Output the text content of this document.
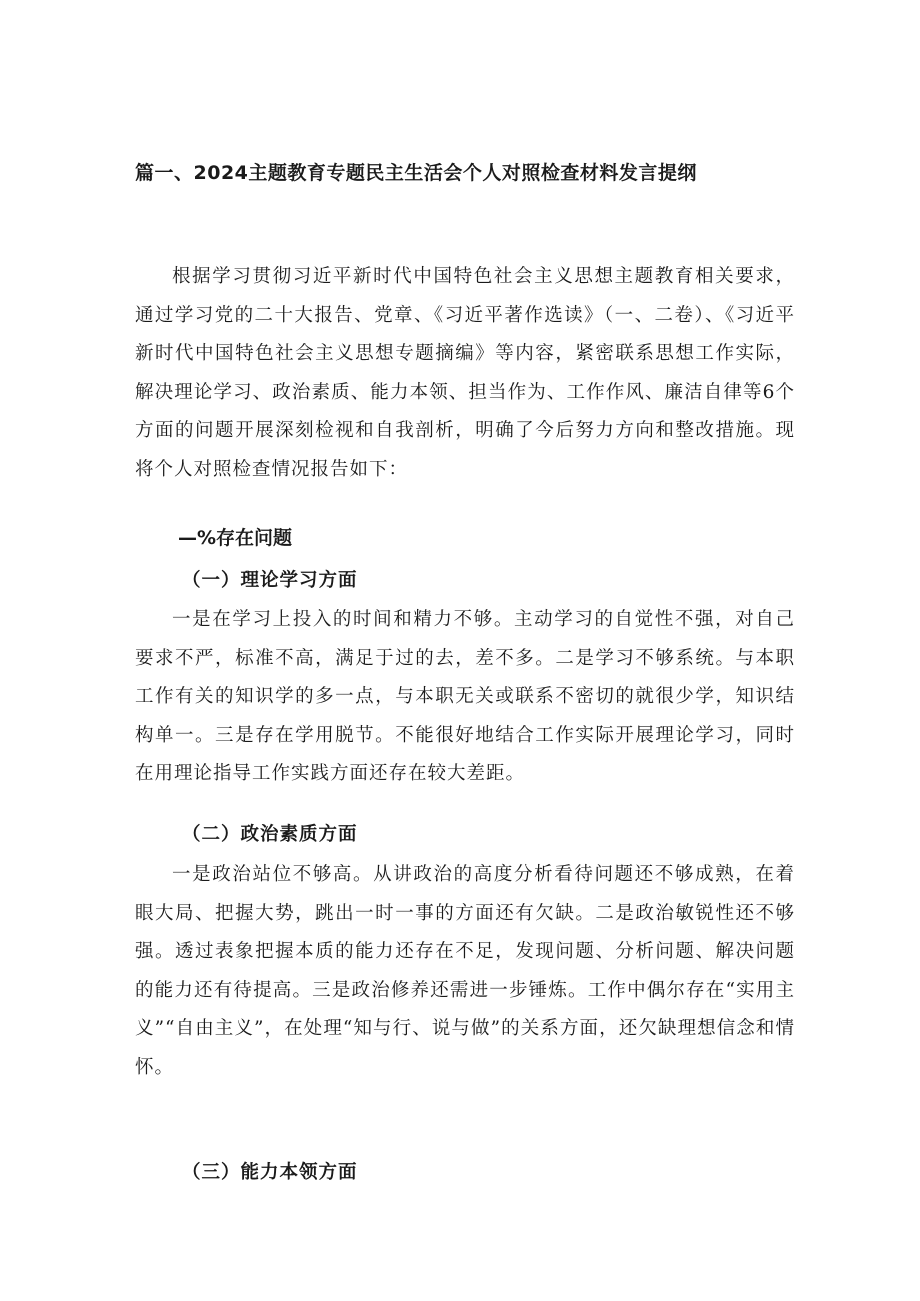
篇一、2024主题教育专题民主生活会个人对照检查材料发言提纲

根据学习贯彻习近平新时代中国特色社会主义思想主题教育相关要求，通过学习党的二十大报告、党章、《习近平著作选读》（一、二卷）、《习近平新时代中国特色社会主义思想专题摘编》等内容，紧密联系思想工作实际，解决理论学习、政治素质、能力本领、担当作为、工作作风、廉洁自律等6个方面的问题开展深刻检视和自我剖析，明确了今后努力方向和整改措施。现将个人对照检查情况报告如下：

—%存在问题
（一）理论学习方面

一是在学习上投入的时间和精力不够。主动学习的自觉性不强，对自己要求不严，标准不高，满足于过的去，差不多。二是学习不够系统。与本职工作有关的知识学的多一点，与本职无关或联系不密切的就很少学，知识结构单一。三是存在学用脱节。不能很好地结合工作实际开展理论学习，同时在用理论指导工作实践方面还存在较大差距。

（二）政治素质方面

一是政治站位不够高。从讲政治的高度分析看待问题还不够成熟，在着眼大局、把握大势，跳出一时一事的方面还有欠缺。二是政治敏锐性还不够强。透过表象把握本质的能力还存在不足，发现问题、分析问题、解决问题的能力还有待提高。三是政治修养还需进一步锤炼。工作中偶尔存在“实用主义”“自由主义”，在处理“知与行、说与做”的关系方面，还欠缺理想信念和情怀。

（三）能力本领方面
